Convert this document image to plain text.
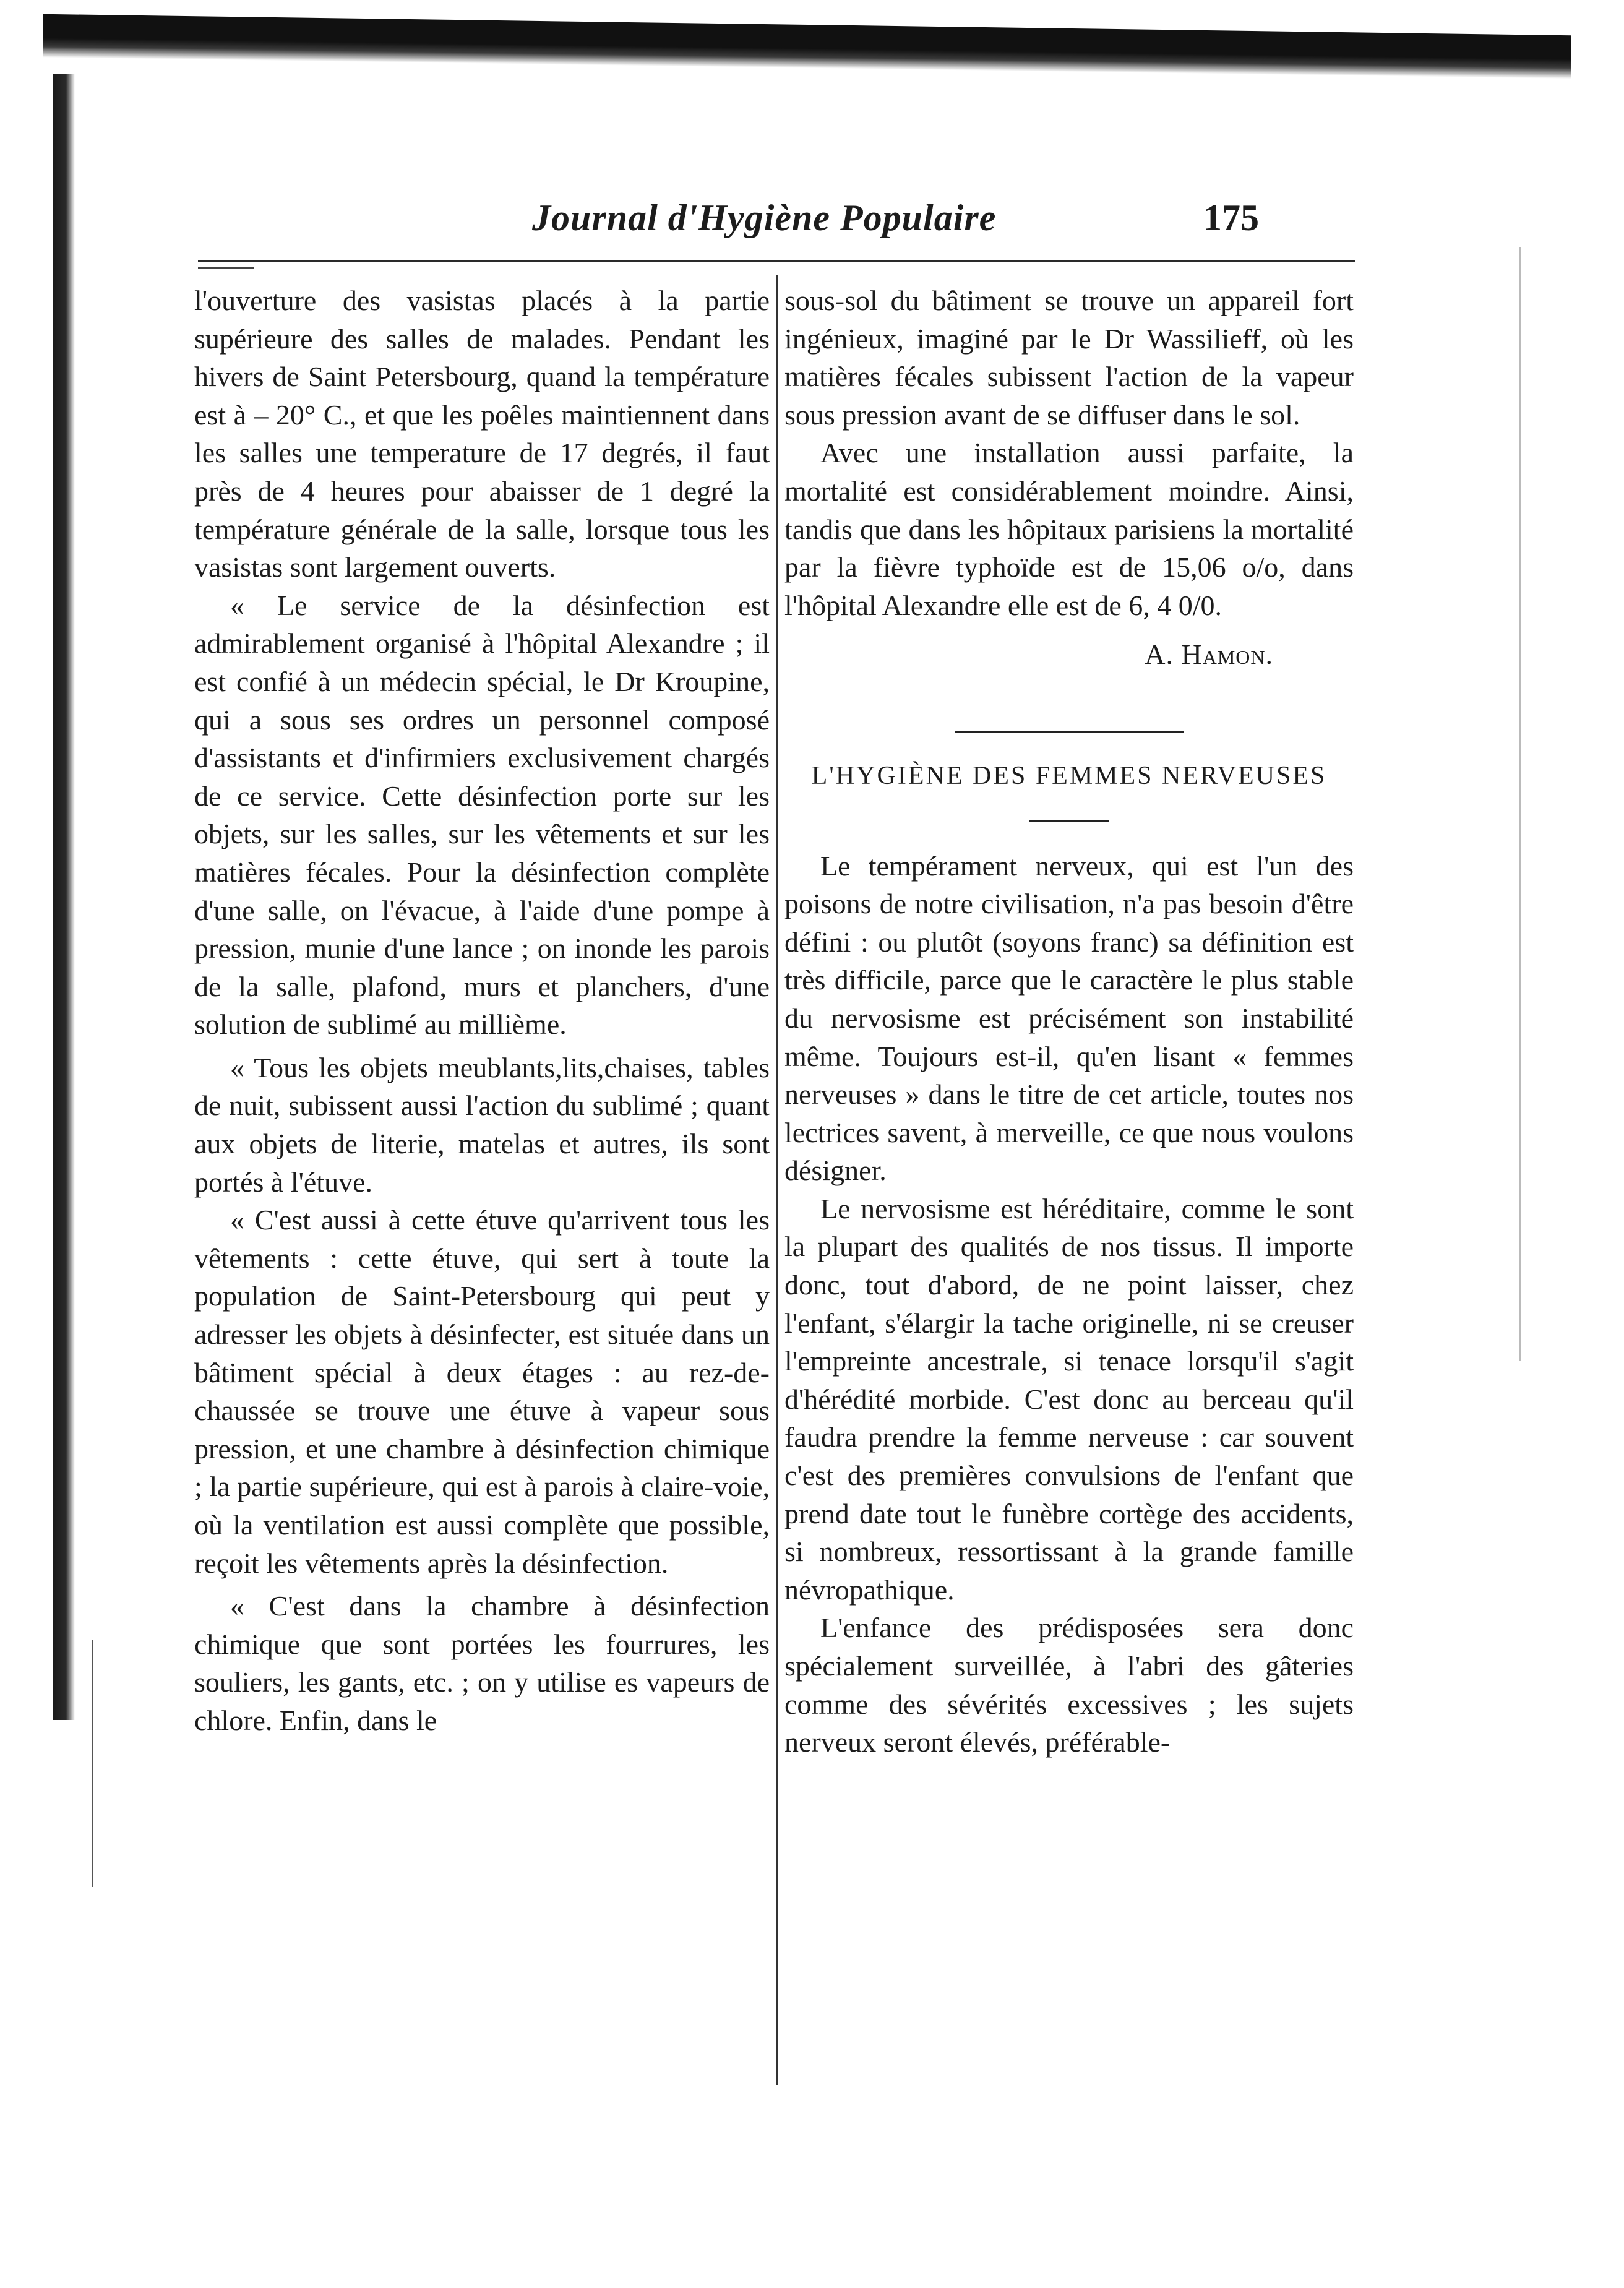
Journal d'Hygiène Populaire	175

l'ouverture des vasistas placés à la partie supérieure des salles de malades. Pendant les hivers de Saint Petersbourg, quand la température est à – 20° C., et que les poêles maintiennent dans les salles une temperature de 17 degrés, il faut près de 4 heures pour abaisser de 1 degré la température générale de la salle, lorsque tous les vasistas sont largement ouverts.

« Le service de la désinfection est admirablement organisé à l'hôpital Alexandre ; il est confié à un médecin spécial, le Dr Kroupine, qui a sous ses ordres un personnel composé d'assistants et d'infirmiers exclusivement chargés de ce service. Cette désinfection porte sur les objets, sur les salles, sur les vêtements et sur les matières fécales. Pour la désinfection complète d'une salle, on l'évacue, à l'aide d'une pompe à pression, munie d'une lance ; on inonde les parois de la salle, plafond, murs et planchers, d'une solution de sublimé au millième.

« Tous les objets meublants,lits,chaises, tables de nuit, subissent aussi l'action du sublimé ; quant aux objets de literie, matelas et autres, ils sont portés à l'étuve.

« C'est aussi à cette étuve qu'arrivent tous les vêtements : cette étuve, qui sert à toute la population de Saint-Petersbourg qui peut y adresser les objets à désinfecter, est située dans un bâtiment spécial à deux étages : au rez-de-chaussée se trouve une étuve à vapeur sous pression, et une chambre à désinfection chimique ; la partie supérieure, qui est à parois à claire-voie, où la ventilation est aussi complète que possible, reçoit les vêtements après la désinfection.

« C'est dans la chambre à désinfection chimique que sont portées les fourrures, les souliers, les gants, etc. ; on y utilise es vapeurs de chlore. Enfin, dans le

sous-sol du bâtiment se trouve un appareil fort ingénieux, imaginé par le Dr Wassilieff, où les matières fécales subissent l'action de la vapeur sous pression avant de se diffuser dans le sol.

Avec une installation aussi parfaite, la mortalité est considérablement moindre. Ainsi, tandis que dans les hôpitaux parisiens la mortalité par la fièvre typhoïde est de 15,06 o/o, dans l'hôpital Alexandre elle est de 6, 4 0/0.

A. Hamon.
L'HYGIÈNE DES FEMMES NERVEUSES

Le tempérament nerveux, qui est l'un des poisons de notre civilisation, n'a pas besoin d'être défini : ou plutôt (soyons franc) sa définition est très difficile, parce que le caractère le plus stable du nervosisme est précisément son instabilité même. Toujours est-il, qu'en lisant « femmes nerveuses » dans le titre de cet article, toutes nos lectrices savent, à merveille, ce que nous voulons désigner.

Le nervosisme est héréditaire, comme le sont la plupart des qualités de nos tissus. Il importe donc, tout d'abord, de ne point laisser, chez l'enfant, s'élargir la tache originelle, ni se creuser l'empreinte ancestrale, si tenace lorsqu'il s'agit d'hérédité morbide. C'est donc au berceau qu'il faudra prendre la femme nerveuse : car souvent c'est des premières convulsions de l'enfant que prend date tout le funèbre cortège des accidents, si nombreux, ressortissant à la grande famille névropathique.

L'enfance des prédisposées sera donc spécialement surveillée, à l'abri des gâteries comme des sévérités excessives ; les sujets nerveux seront élevés, préférable-
